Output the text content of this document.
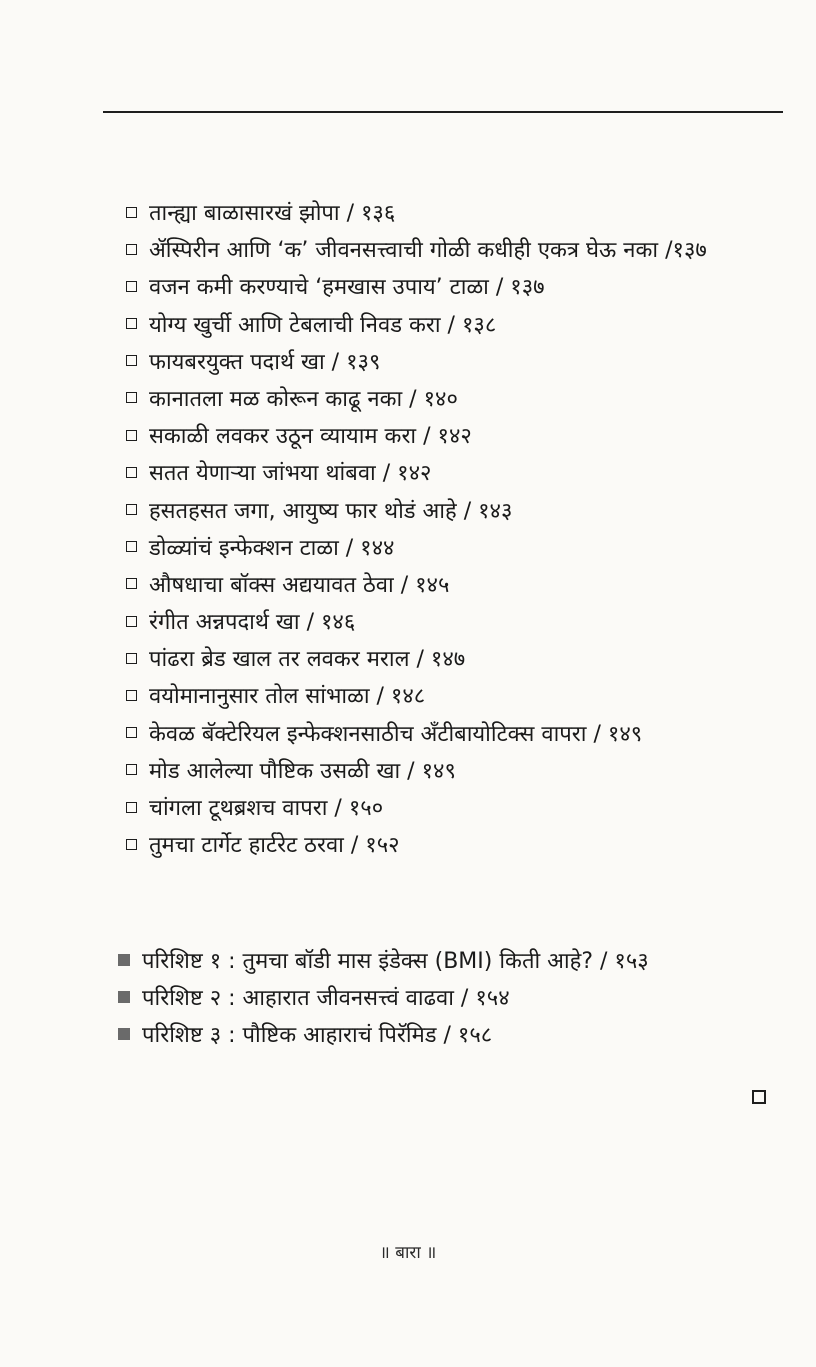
तान्ह्या बाळासारखं झोपा / १३६
ॲस्पिरीन आणि ‘क’ जीवनसत्त्वाची गोळी कधीही एकत्र घेऊ नका /१३७
वजन कमी करण्याचे ‘हमखास उपाय’ टाळा / १३७
योग्य खुर्ची आणि टेबलाची निवड करा / १३८
फायबरयुक्त पदार्थ खा / १३९
कानातला मळ कोरून काढू नका / १४०
सकाळी लवकर उठून व्यायाम करा / १४२
सतत येणाऱ्या जांभया थांबवा / १४२
हसतहसत जगा, आयुष्य फार थोडं आहे / १४३
डोळ्यांचं इन्फेक्शन टाळा / १४४
औषधाचा बॉक्स अद्ययावत ठेवा / १४५
रंगीत अन्नपदार्थ खा / १४६
पांढरा ब्रेड खाल तर लवकर मराल / १४७
वयोमानानुसार तोल सांभाळा / १४८
केवळ बॅक्टेरियल इन्फेक्शनसाठीच अँटीबायोटिक्स वापरा / १४९
मोड आलेल्या पौष्टिक उसळी खा / १४९
चांगला टूथब्रशच वापरा / १५०
तुमचा टार्गेट हार्टरेट ठरवा / १५२
परिशिष्ट १ : तुमचा बॉडी मास इंडेक्स (BMI) किती आहे? / १५३
परिशिष्ट २ : आहारात जीवनसत्त्वं वाढवा / १५४
परिशिष्ट ३ : पौष्टिक आहाराचं पिरॅमिड / १५८
॥ बारा ॥
